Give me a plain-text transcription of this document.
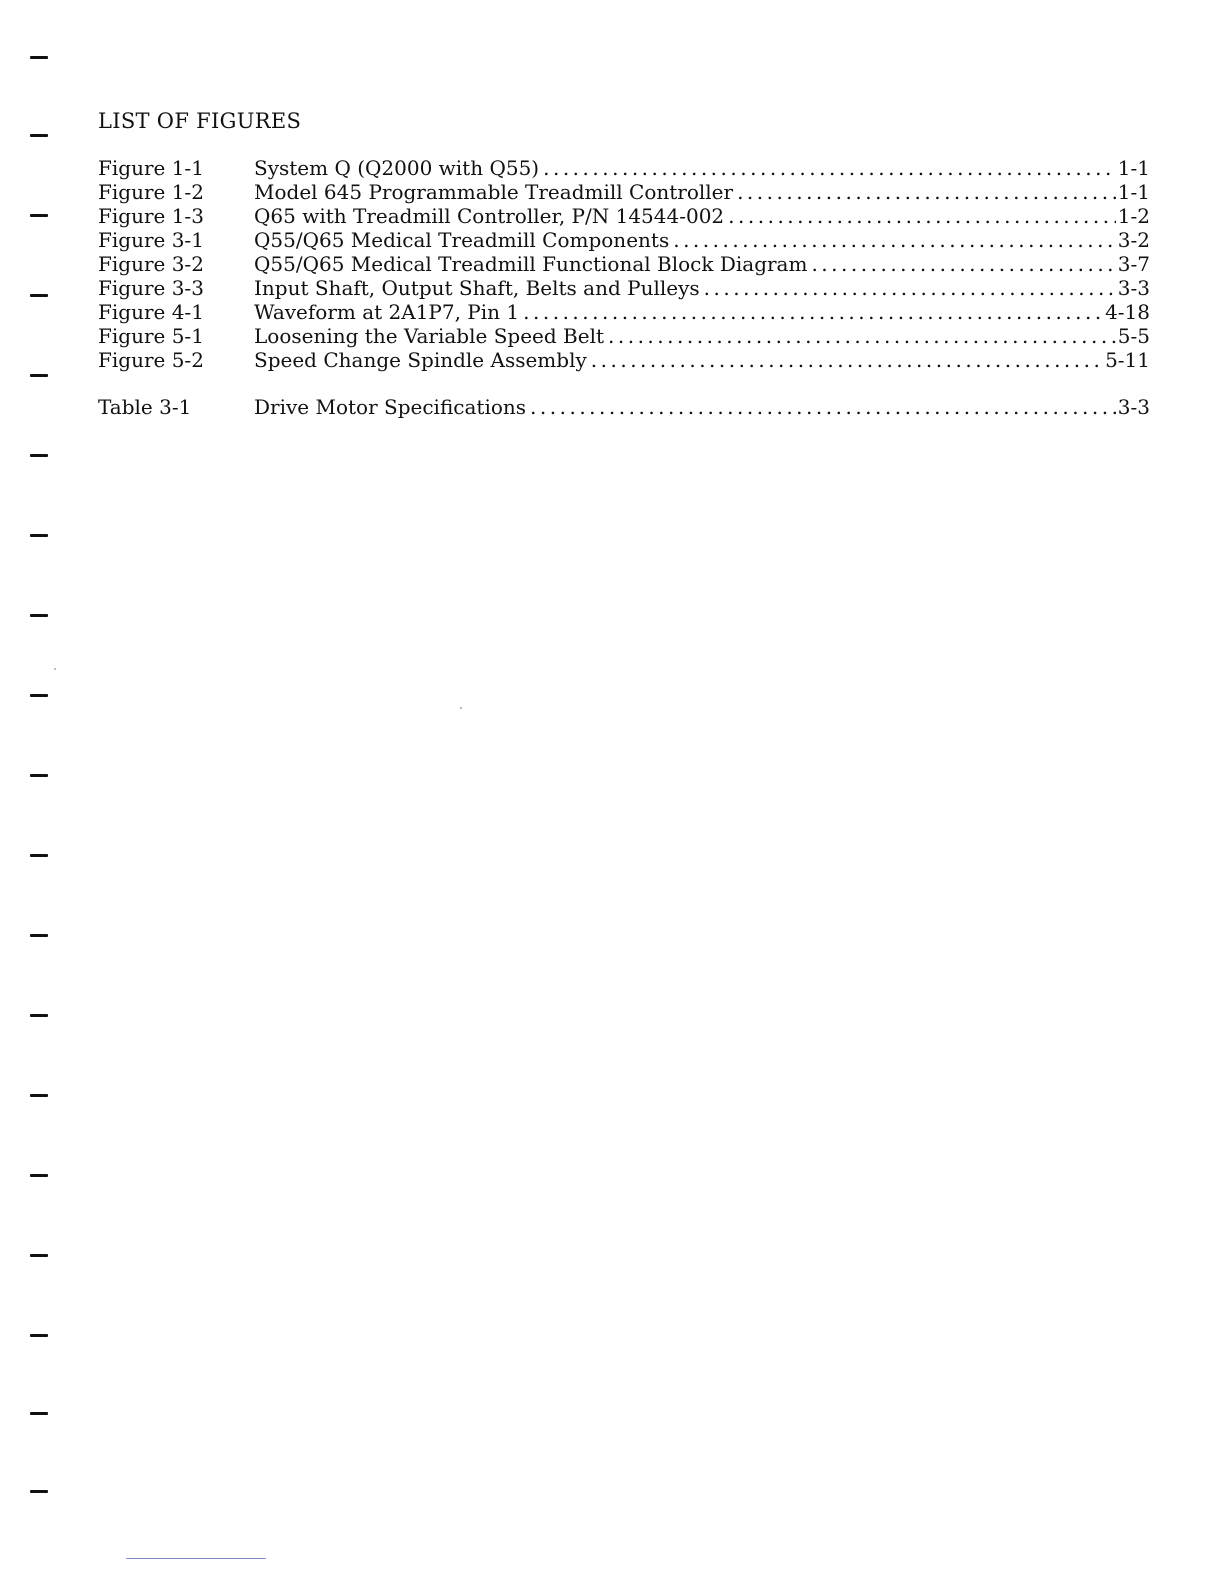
LIST OF FIGURES
Figure 1-1	System Q (Q2000 with Q55) .....	1-1
Figure 1-2	Model 645 Programmable Treadmill Controller .....	1-1
Figure 1-3	Q65 with Treadmill Controller, P/N 14544-002 .....	1-2
Figure 3-1	Q55/Q65 Medical Treadmill Components .....	3-2
Figure 3-2	Q55/Q65 Medical Treadmill Functional Block Diagram .....	3-7
Figure 3-3	Input Shaft, Output Shaft, Belts and Pulleys .....	3-3
Figure 4-1	Waveform at 2A1P7, Pin 1 .....	4-18
Figure 5-1	Loosening the Variable Speed Belt .....	5-5
Figure 5-2	Speed Change Spindle Assembly .....	5-11
Table 3-1	Drive Motor Specifications .....	3-3
